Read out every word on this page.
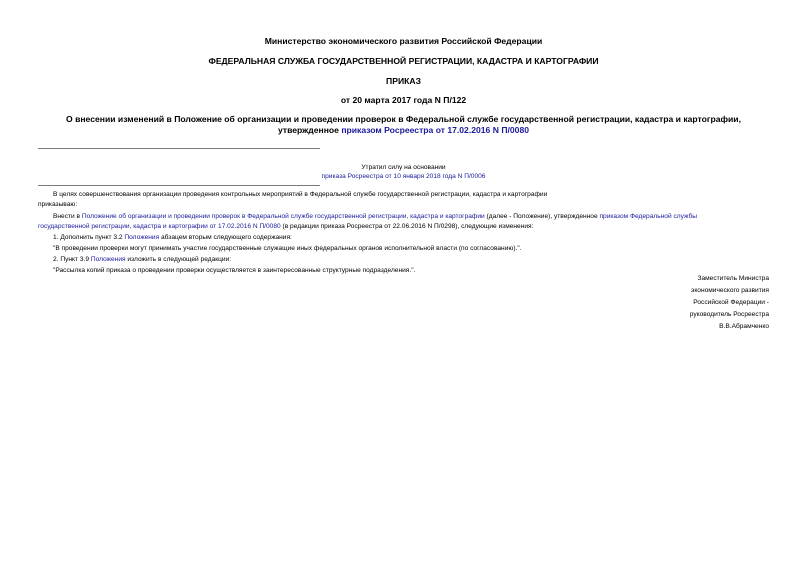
Министерство экономического развития Российской Федерации
ФЕДЕРАЛЬНАЯ СЛУЖБА ГОСУДАРСТВЕННОЙ РЕГИСТРАЦИИ, КАДАСТРА И КАРТОГРАФИИ
ПРИКАЗ
от 20 марта 2017 года N П/122
О внесении изменений в Положение об организации и проведении проверок в Федеральной службе государственной регистрации, кадастра и картографии,
утвержденное приказом Росреестра от 17.02.2016 N П/0080
Утратил силу на основании
приказа Росреестра от 10 января 2018 года N П/0006
В целях совершенствования организации проведения контрольных мероприятий в Федеральной службе государственной регистрации, кадастра и картографии
приказываю:
Внести в Положение об организации и проведении проверок в Федеральной службе государственной регистрации, кадастра и картографии (далее - Положение), утвержденное приказом Федеральной службы
государственной регистрации, кадастра и картографии от 17.02.2016 N П/0080 (в редакции приказа Росреестра от 22.06.2016 N П/0298), следующие изменения:
1. Дополнить пункт 3.2 Положения абзацем вторым следующего содержания:
"В проведении проверки могут принимать участие государственные служащие иных федеральных органов исполнительной власти (по согласованию).".
2. Пункт 3.9 Положения изложить в следующей редакции:
"Рассылка копий приказа о проведении проверки осуществляется в заинтересованные структурные подразделения.".
Заместитель Министра
экономического развития
Российской Федерации -
руководитель Росреестра
В.В.Абрамченко
